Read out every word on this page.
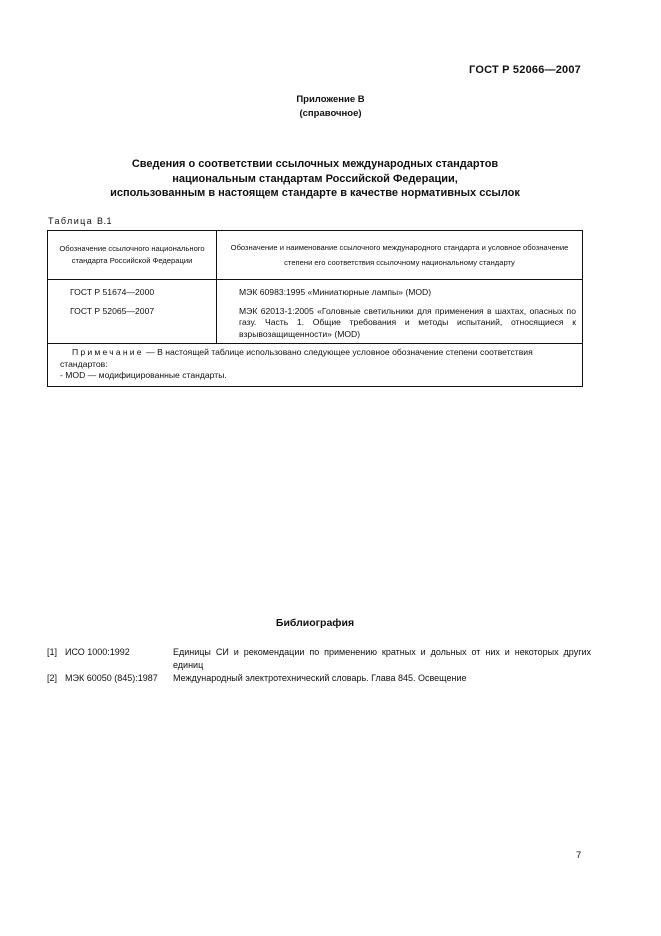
ГОСТ Р 52066—2007
Приложение В
(справочное)
Сведения о соответствии ссылочных международных стандартов
национальным стандартам Российской Федерации,
использованным в настоящем стандарте в качестве нормативных ссылок
Таблица В.1
Обозначение ссылочного национального стандарта Российской Федерации	Обозначение и наименование ссылочного международного стандарта и условное обозначение степени его соответствия ссылочному национальному стандарту

ГОСТ Р 51674—2000	МЭК 60983:1995 «Миниатюрные лампы» (MOD)
ГОСТ Р 52065—2007	МЭК 62013-1:2005 «Головные светильники для применения в шахтах, опасных по газу. Часть 1. Общие требования и методы испытаний, относящиеся к взрывозащищенности» (MOD)

Примечание — В настоящей таблице использовано следующее условное обозначение степени соответствия стандартов:
- MOD — модифицированные стандарты.	
Библиография
[1] ИСО 1000:1992	Единицы СИ и рекомендации по применению кратных и дольных от них и некоторых других единиц
[2] МЭК 60050 (845):1987 Международный электротехнический словарь. Глава 845. Освещение
7
